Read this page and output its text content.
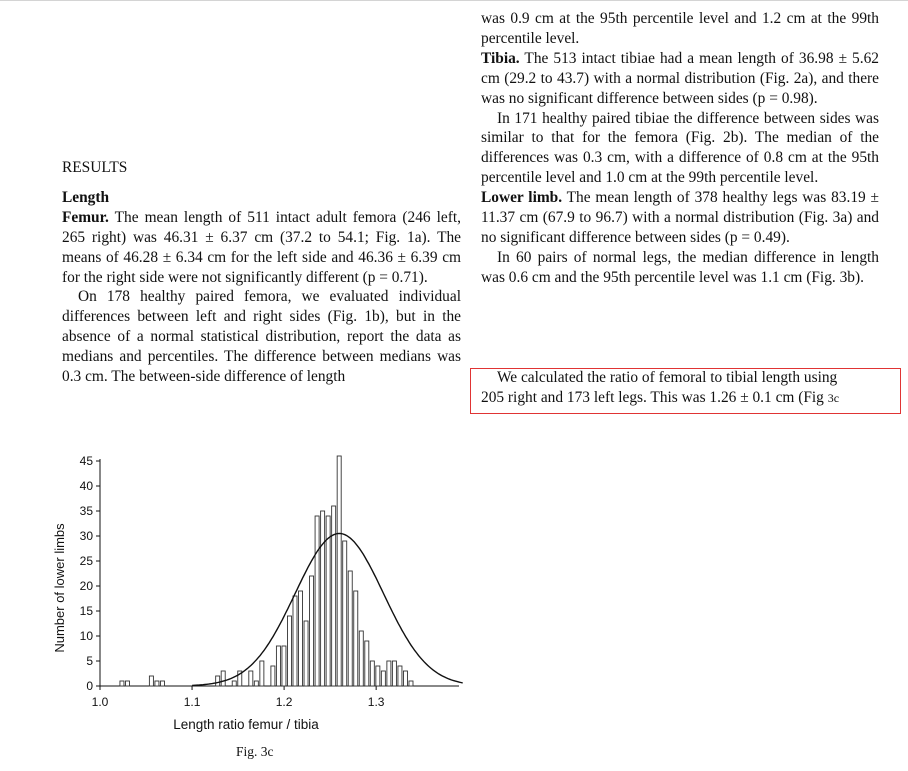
RESULTS

Length

Femur. The mean length of 511 intact adult femora (246 left, 265 right) was 46.31 ± 6.37 cm (37.2 to 54.1; Fig. 1a). The means of 46.28 ± 6.34 cm for the left side and 46.36 ± 6.39 cm for the right side were not significantly different (p = 0.71).

On 178 healthy paired femora, we evaluated individual differences between left and right sides (Fig. 1b), but in the absence of a normal statistical distribution, report the data as medians and percentiles. The difference between medians was 0.3 cm. The between-side difference of length

was 0.9 cm at the 95th percentile level and 1.2 cm at the 99th percentile level.

Tibia. The 513 intact tibiae had a mean length of 36.98 ± 5.62 cm (29.2 to 43.7) with a normal distribution (Fig. 2a), and there was no significant difference between sides (p = 0.98).

In 171 healthy paired tibiae the difference between sides was similar to that for the femora (Fig. 2b). The median of the differences was 0.3 cm, with a difference of 0.8 cm at the 95th percentile level and 1.0 cm at the 99th percentile level.

Lower limb. The mean length of 378 healthy legs was 83.19 ± 11.37 cm (67.9 to 96.7) with a normal distribution (Fig. 3a) and no significant difference between sides (p = 0.49).

In 60 pairs of normal legs, the median difference in length was 0.6 cm and the 95th percentile level was 1.1 cm (Fig. 3b).

We calculated the ratio of femoral to tibial length using

205 right and 173 left legs. This was 1.26 ± 0.1 cm (Fig 3c

0
5
10
15
20
25
30
35
40
45
1.0	1.1	1.2	1.3
Number of lower limbs
Length ratio femur / tibia
Fig. 3c
